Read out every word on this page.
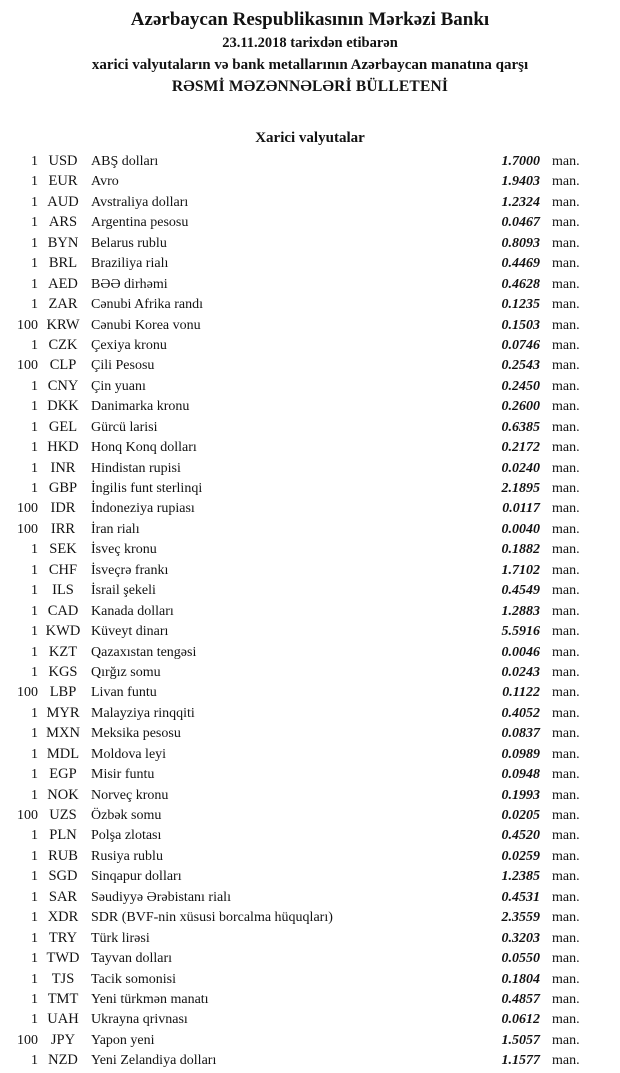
Azərbaycan Respublikasının Mərkəzi Bankı
23.11.2018 tarixdən etibarən
xarici valyutaların və bank metallarının Azərbaycan manatına qarşı
RƏSMİ MƏZƏNNƏLƏRİ BÜLLETENİ
Xarici valyutalar
1 USD ABŞ dolları	1.7000 man.
1 EUR Avro	1.9403 man.
1 AUD Avstraliya dolları	1.2324 man.
1 ARS Argentina pesosu	0.0467 man.
1 BYN Belarus rublu	0.8093 man.
1 BRL Braziliya rialı	0.4469 man.
1 AED BƏƏ dirhəmi	0.4628 man.
1 ZAR Cənubi Afrika randı	0.1235 man.
100 KRW Cənubi Korea vonu	0.1503 man.
1 CZK Çexiya kronu	0.0746 man.
100 CLP	Çili Pesosu	0.2543 man.
1 CNY Çin yuanı	0.2450 man.
1 DKK Danimarka kronu	0.2600 man.
1 GEL Gürcü larisi	0.6385 man.
1 HKD Honq Konq dolları	0.2172 man.
1 INR	Hindistan rupisi	0.0240 man.
1 GBP İngilis funt sterlinqi	2.1895 man.
100 IDR	İndoneziya rupiası	0.0117 man.
100 IRR	İran rialı	0.0040 man.
1 SEK	İsveç kronu	0.1882 man.
1 CHF İsveçrə frankı	1.7102 man.
1 ILS	İsrail şekeli	0.4549 man.
1 CAD Kanada dolları	1.2883 man.
1 KWD Küveyt dinarı	5.5916 man.
1 KZT Qazaxıstan tengəsi	0.0046 man.
1 KGS Qırğız somu	0.0243 man.
100 LBP	Livan funtu	0.1122 man.
1 MYR Malayziya rinqqiti	0.4052 man.
1 MXN Meksika pesosu	0.0837 man.
1 MDL Moldova leyi	0.0989 man.
1 EGP	Misir funtu	0.0948 man.
1 NOK Norveç kronu	0.1993 man.
100 UZS	Özbək somu	0.0205 man.
1 PLN	Polşa zlotası	0.4520 man.
1 RUB Rusiya rublu	0.0259 man.
1 SGD Sinqapur dolları	1.2385 man.
1 SAR Səudiyyə Ərəbistanı rialı	0.4531 man.
1 XDR SDR (BVF-nin xüsusi borcalma hüquqları)	2.3559 man.
1 TRY Türk lirəsi	0.3203 man.
1 TWD Tayvan dolları	0.0550 man.
1 TJS	Tacik somonisi	0.1804 man.
1 TMT Yeni türkmən manatı	0.4857 man.
1 UAH Ukrayna qrivnası	0.0612 man.
100 JPY	Yapon yeni	1.5057 man.
1 NZD Yeni Zelandiya dolları	1.1577 man.
